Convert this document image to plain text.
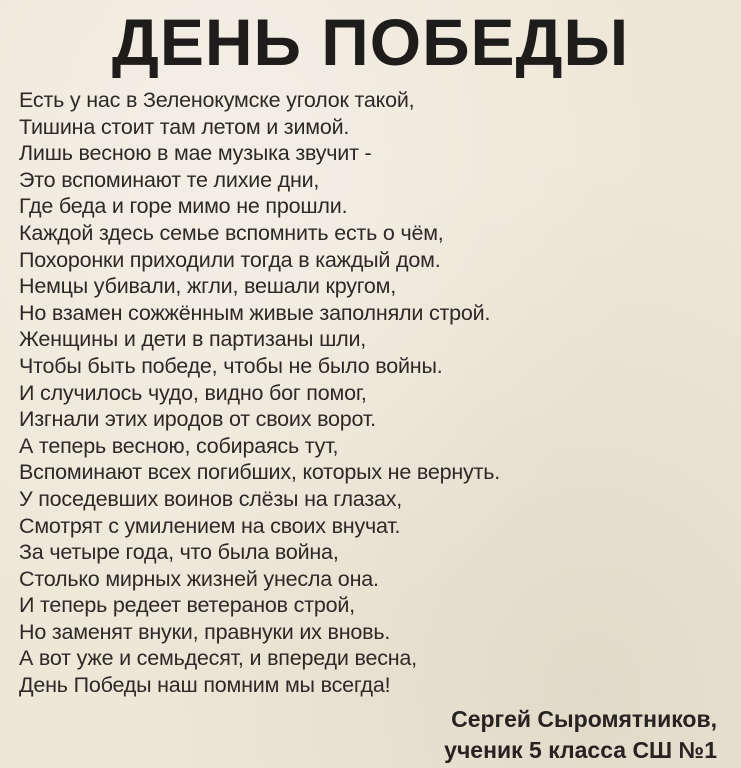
ДЕНЬ ПОБЕДЫ
Есть у нас в Зеленокумске уголок такой,
Тишина стоит там летом и зимой.
Лишь весною в мае музыка звучит -
Это вспоминают те лихие дни,
Где беда и горе мимо не прошли.
Каждой здесь семье вспомнить есть о чём,
Похоронки приходили тогда в каждый дом.
Немцы убивали, жгли, вешали кругом,
Но взамен сожжённым живые заполняли строй.
Женщины и дети в партизаны шли,
Чтобы быть победе, чтобы не было войны.
И случилось чудо, видно бог помог,
Изгнали этих иродов от своих ворот.
А теперь весною, собираясь тут,
Вспоминают всех погибших, которых не вернуть.
У поседевших воинов слёзы на глазах,
Смотрят с умилением на своих внучат.
За четыре года, что была война,
Столько мирных жизней унесла она.
И теперь редеет ветеранов строй,
Но заменят внуки, правнуки их вновь.
А вот уже и семьдесят, и впереди весна,
День Победы наш помним мы всегда!
Сергей Сыромятников,
ученик 5 класса СШ №1
